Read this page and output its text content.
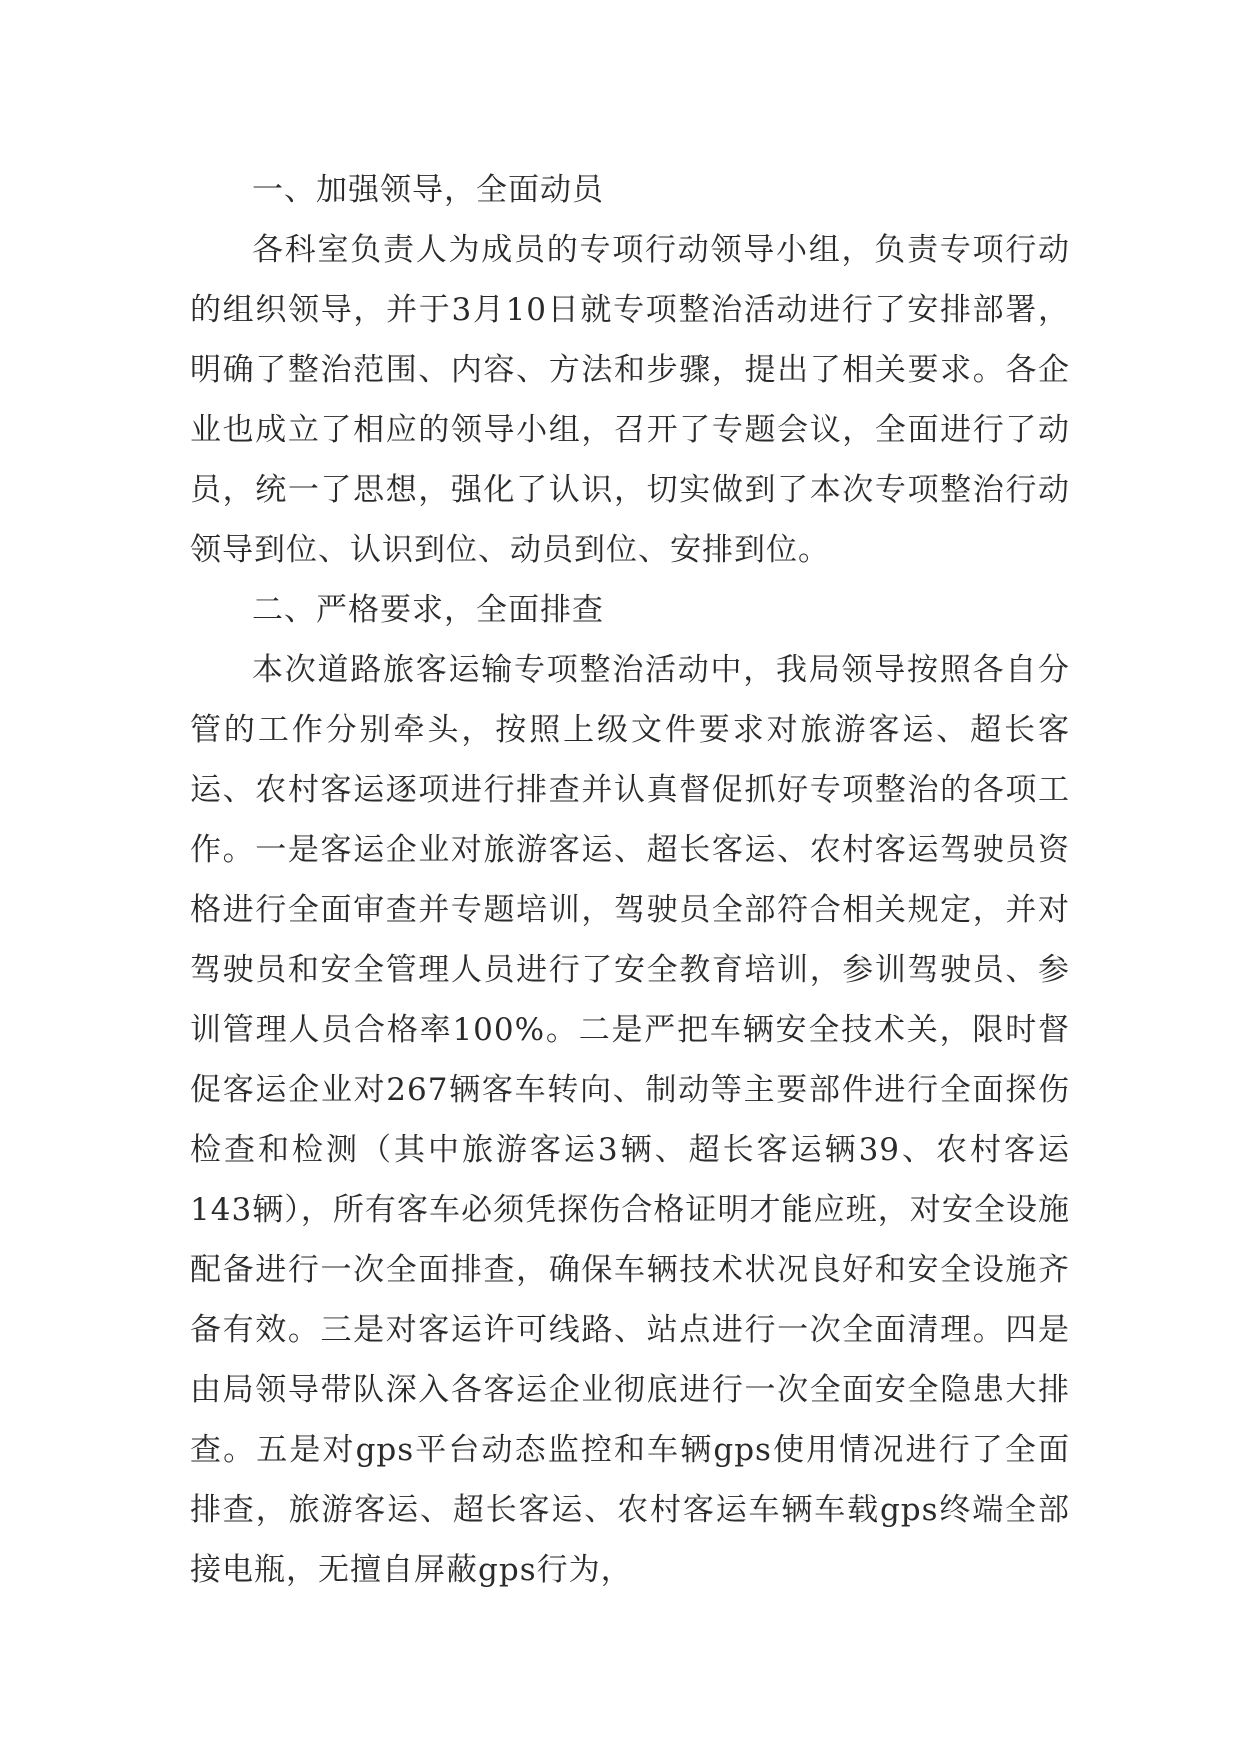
一、加强领导，全面动员

各科室负责人为成员的专项行动领导小组，负责专项行动的组织领导，并于3月10日就专项整治活动进行了安排部署，明确了整治范围、内容、方法和步骤，提出了相关要求。各企业也成立了相应的领导小组，召开了专题会议，全面进行了动员，统一了思想，强化了认识，切实做到了本次专项整治行动领导到位、认识到位、动员到位、安排到位。

二、严格要求，全面排查

本次道路旅客运输专项整治活动中，我局领导按照各自分管的工作分别牵头，按照上级文件要求对旅游客运、超长客运、农村客运逐项进行排查并认真督促抓好专项整治的各项工作。一是客运企业对旅游客运、超长客运、农村客运驾驶员资格进行全面审查并专题培训，驾驶员全部符合相关规定，并对驾驶员和安全管理人员进行了安全教育培训，参训驾驶员、参训管理人员合格率100%。二是严把车辆安全技术关，限时督促客运企业对267辆客车转向、制动等主要部件进行全面探伤检查和检测（其中旅游客运3辆、超长客运辆39、农村客运143辆），所有客车必须凭探伤合格证明才能应班，对安全设施配备进行一次全面排查，确保车辆技术状况良好和安全设施齐备有效。三是对客运许可线路、站点进行一次全面清理。四是由局领导带队深入各客运企业彻底进行一次全面安全隐患大排查。五是对gps平台动态监控和车辆gps使用情况进行了全面排查，旅游客运、超长客运、农村客运车辆车载gps终端全部接电瓶，无擅自屏蔽gps行为，
